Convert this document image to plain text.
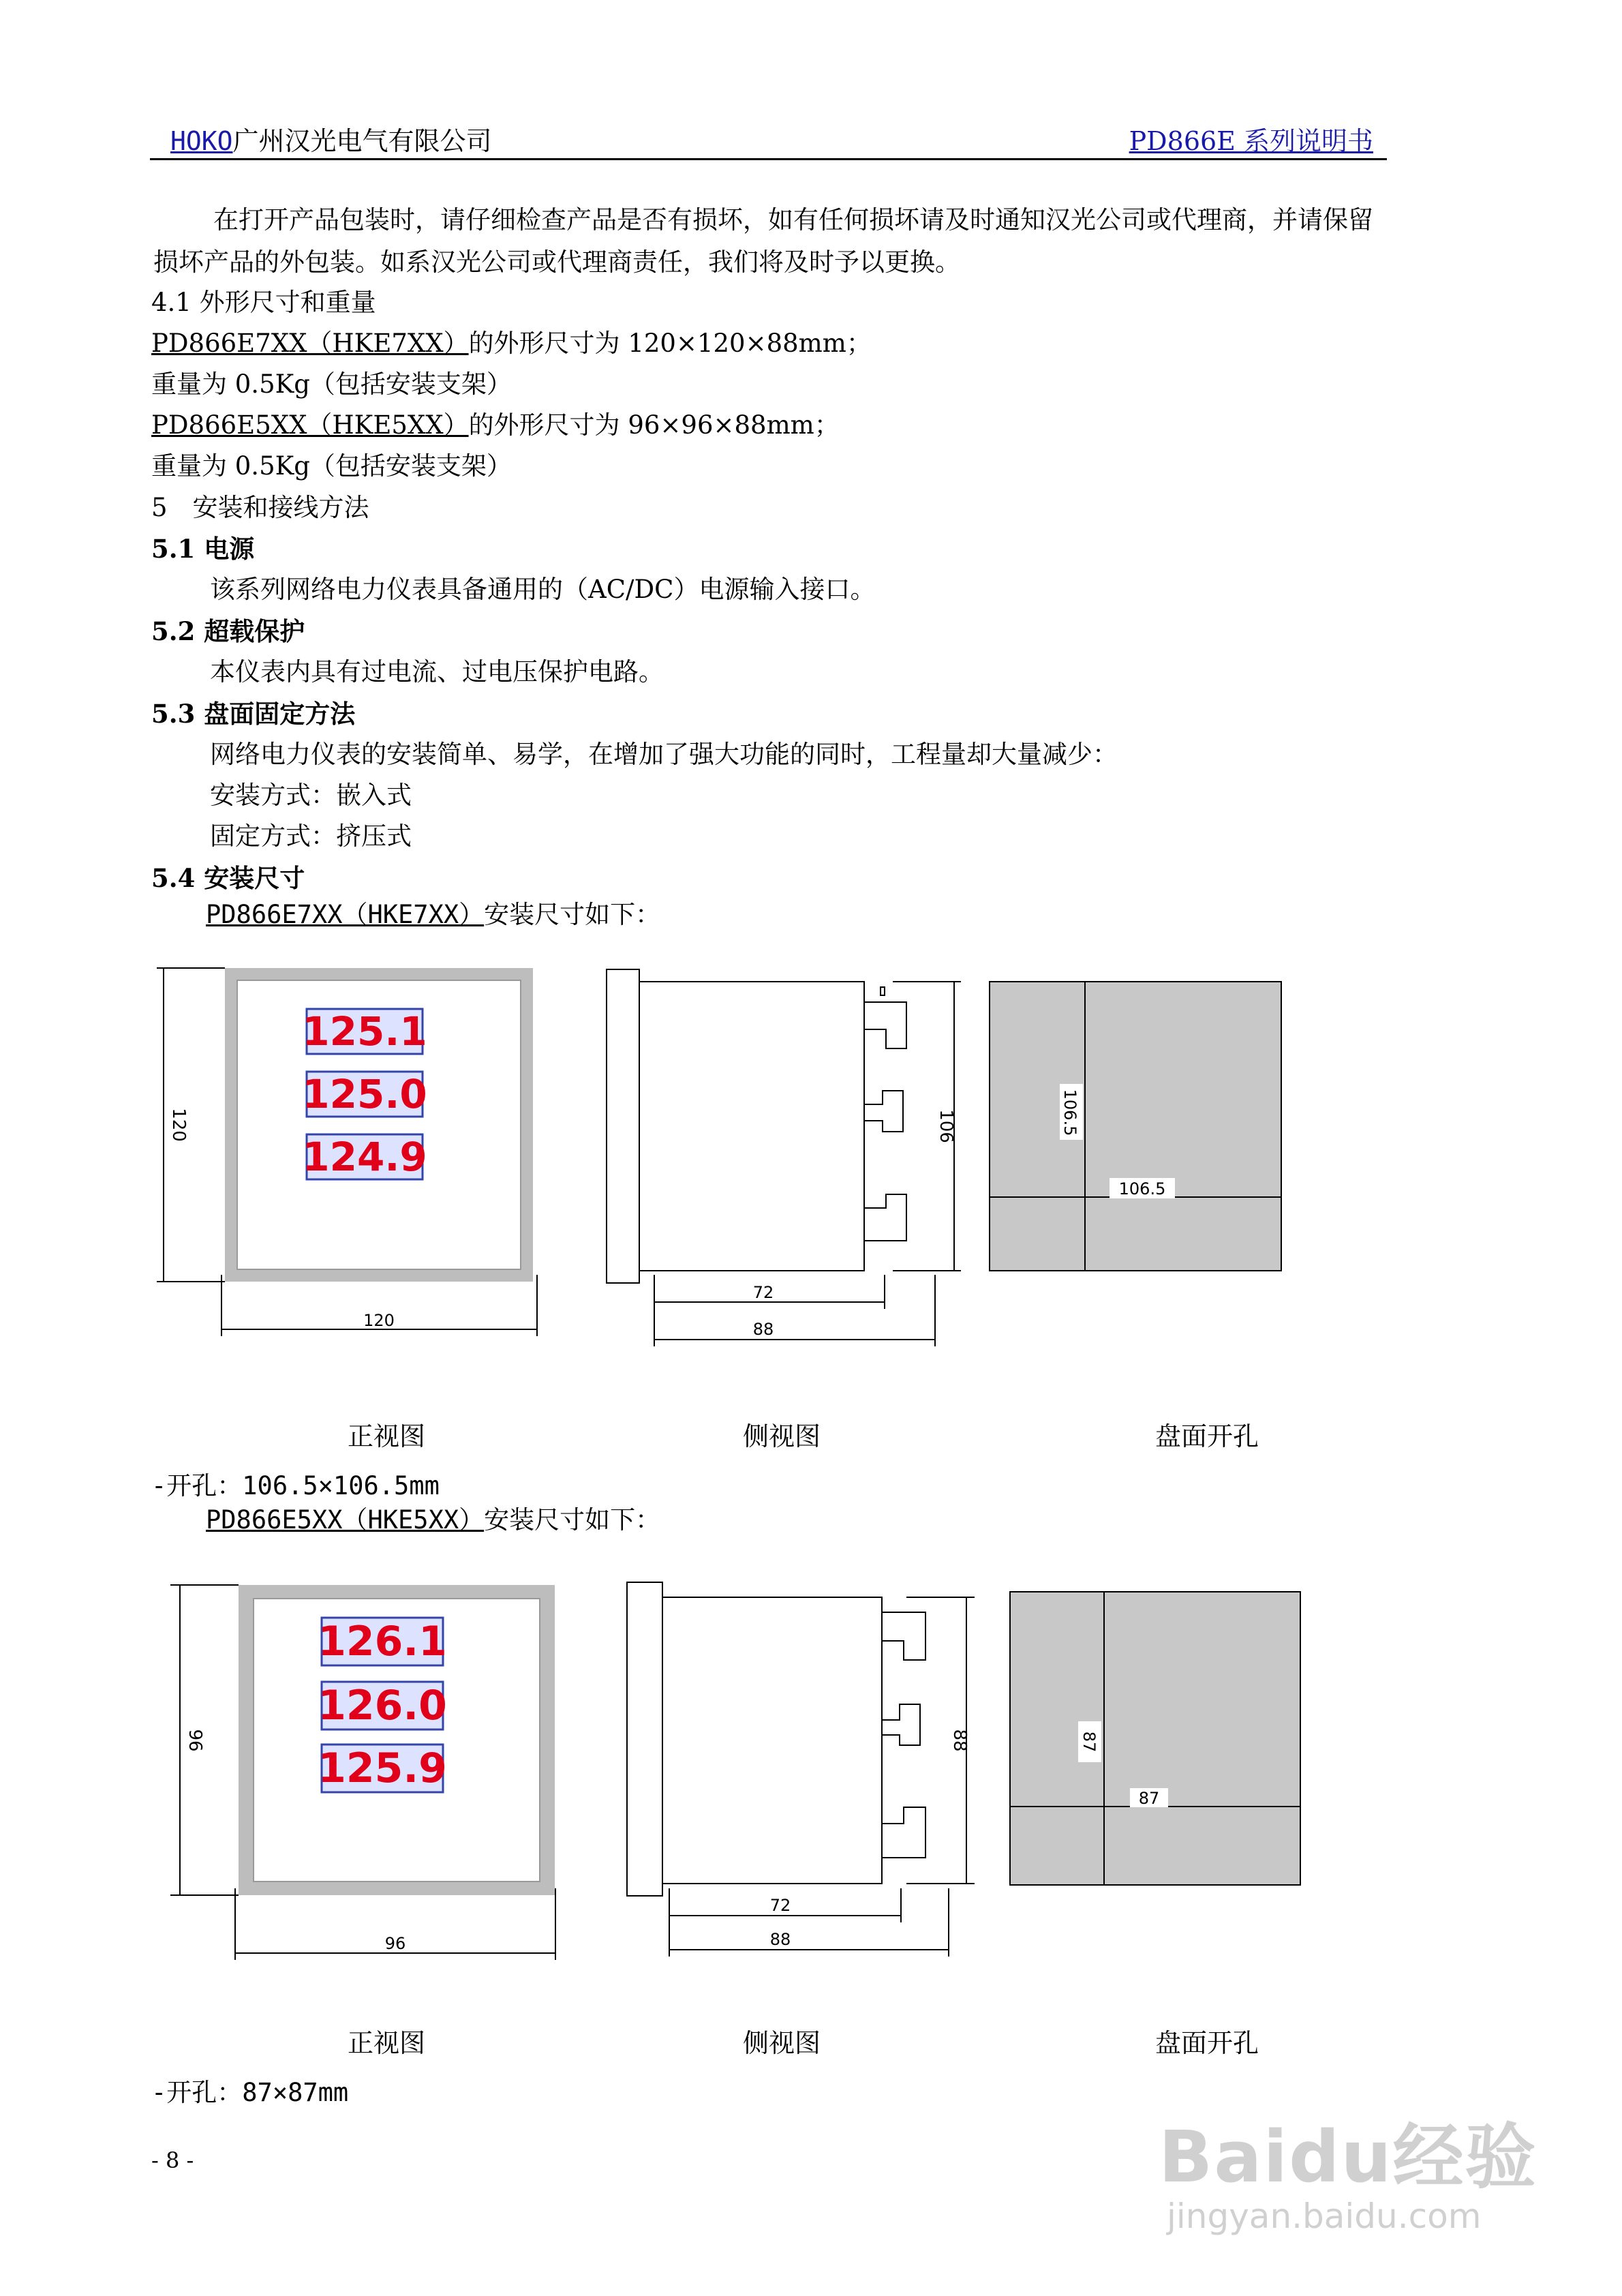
HOKO广州汉光电气有限公司	PD866E 系列说明书
在打开产品包装时，请仔细检查产品是否有损坏，如有任何损坏请及时通知汉光公司或代理商，并请保留损坏产品的外包装。如系汉光公司或代理商责任，我们将及时予以更换。
4.1 外形尺寸和重量
PD866E7XX（HKE7XX）的外形尺寸为 120×120×88mm；
重量为 0.5Kg（包括安装支架）
PD866E5XX（HKE5XX）的外形尺寸为 96×96×88mm；
重量为 0.5Kg（包括安装支架）
5　安装和接线方法
5.1 电源
该系列网络电力仪表具备通用的（AC/DC）电源输入接口。
5.2 超载保护
本仪表内具有过电流、过电压保护电路。
5.3 盘面固定方法
网络电力仪表的安装简单、易学，在增加了强大功能的同时，工程量却大量减少：
安装方式：嵌入式
固定方式：挤压式
5.4 安装尺寸
PD866E7XX（HKE7XX）安装尺寸如下：
125.1
125.0
124.9
120
120
106
72
88
106.5
106.5
正视图	侧视图	盘面开孔
-开孔：106.5×106.5mm
PD866E5XX（HKE5XX）安装尺寸如下：
126.1
126.0
125.9
96
96
88
72
88
87
87
正视图	侧视图	盘面开孔
-开孔：87×87mm
- 8 -	Baidu经验
jingyan.baidu.com
